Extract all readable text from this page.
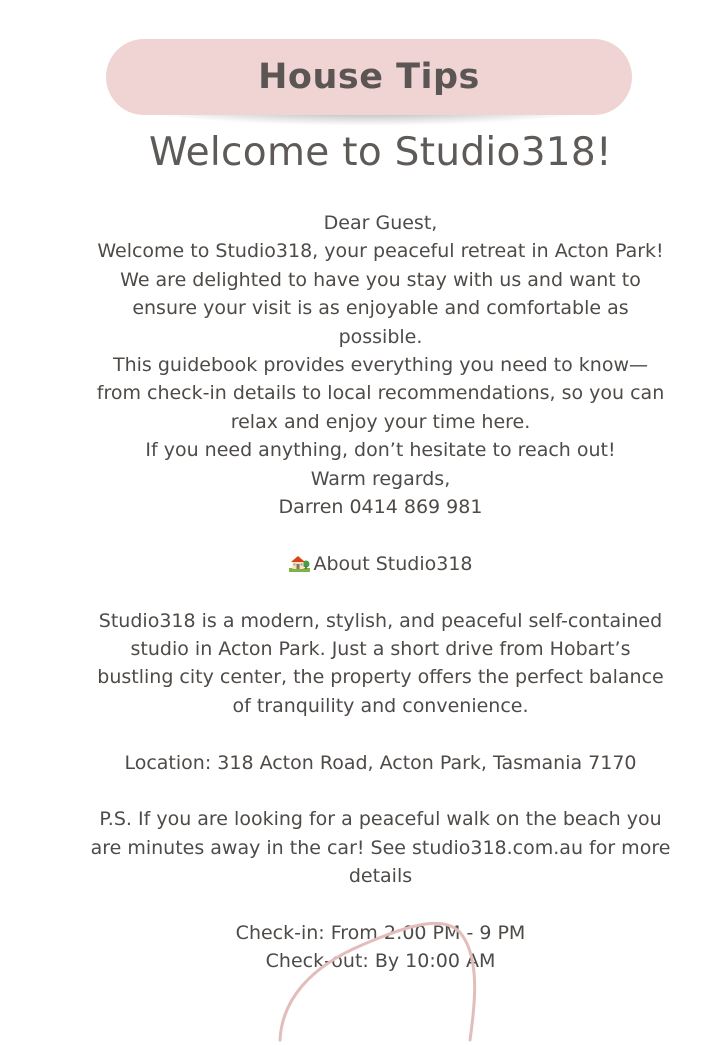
House Tips
Welcome to Studio318!
Dear Guest,
Welcome to Studio318, your peaceful retreat in Acton Park!
We are delighted to have you stay with us and want to
ensure your visit is as enjoyable and comfortable as
possible.
This guidebook provides everything you need to know—
from check-in details to local recommendations, so you can
relax and enjoy your time here.
If you need anything, don’t hesitate to reach out!
Warm regards,
Darren 0414 869 981
About Studio318
Studio318 is a modern, stylish, and peaceful self-contained
studio in Acton Park. Just a short drive from Hobart’s
bustling city center, the property offers the perfect balance
of tranquility and convenience.
Location: 318 Acton Road, Acton Park, Tasmania 7170
P.S. If you are looking for a peaceful walk on the beach you
are minutes away in the car! See studio318.com.au for more
details
Check-in: From 2:00 PM - 9 PM
Check-out: By 10:00 AM
